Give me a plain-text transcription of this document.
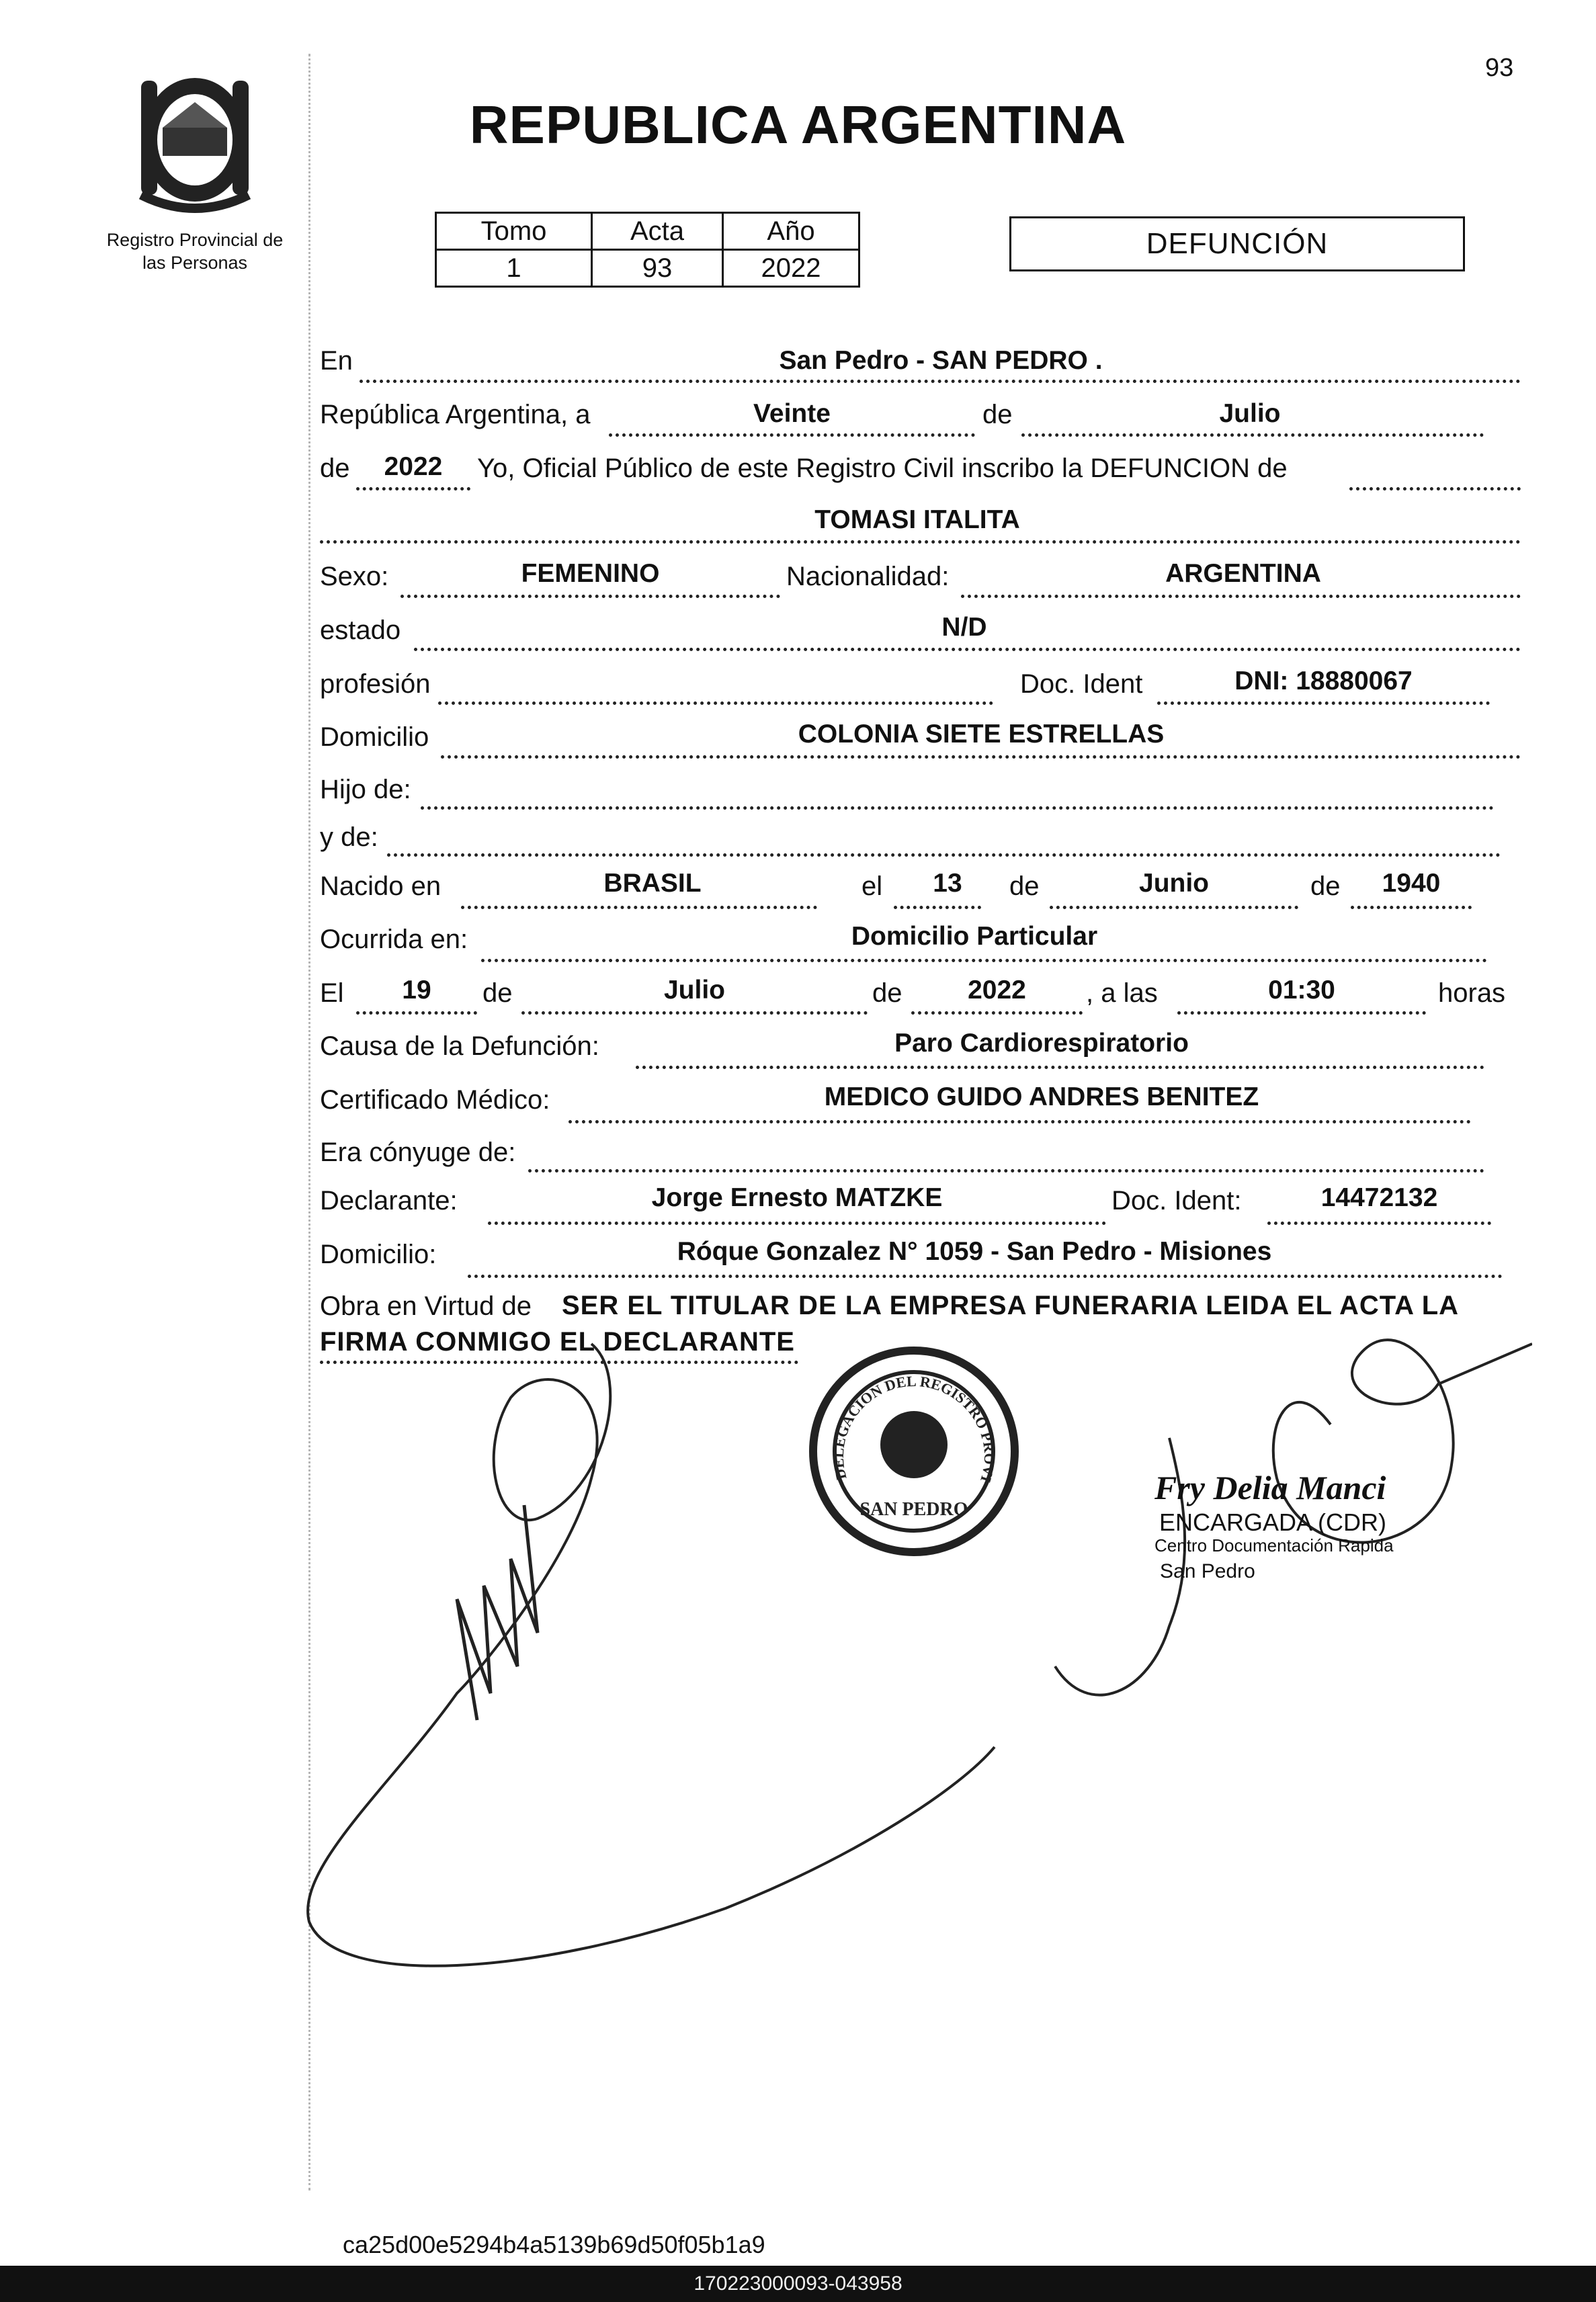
93
Registro Provincial de
las Personas
REPUBLICA ARGENTINA
Tomo	Acta	Año
1	93	2022
DEFUNCIÓN
En	San Pedro - SAN PEDRO .
República Argentina, a	Veinte	de	Julio
de	2022	Yo, Oficial Público de este Registro Civil inscribo la DEFUNCION de
TOMASI ITALITA
Sexo:	FEMENINO	Nacionalidad:	ARGENTINA
estado	N/D
profesión	Doc. Ident	DNI: 18880067
Domicilio	COLONIA SIETE ESTRELLAS
Hijo de:
y de:
Nacido en	BRASIL	el	13	de	Junio	de	1940
Ocurrida en:	Domicilio Particular
El	19	de	Julio	de	2022	, a las	01:30	horas
Causa de la Defunción:	Paro Cardiorespiratorio
Certificado Médico:	MEDICO GUIDO ANDRES BENITEZ
Era cónyuge de:
Declarante:	Jorge Ernesto MATZKE	Doc. Ident:	14472132
Domicilio:	Róque Gonzalez N° 1059 - San Pedro - Misiones
Obra en Virtud de SER EL TITULAR DE LA EMPRESA FUNERARIA LEIDA EL ACTA LA
FIRMA CONMIGO EL DECLARANTE
DELEGACION DEL REGISTRO PROVI
SAN PEDRO
Fry Delia Manci
ENCARGADA (CDR)
Centro Documentación Rapida
San Pedro
ca25d00e5294b4a5139b69d50f05b1a9
170223000093-043958
